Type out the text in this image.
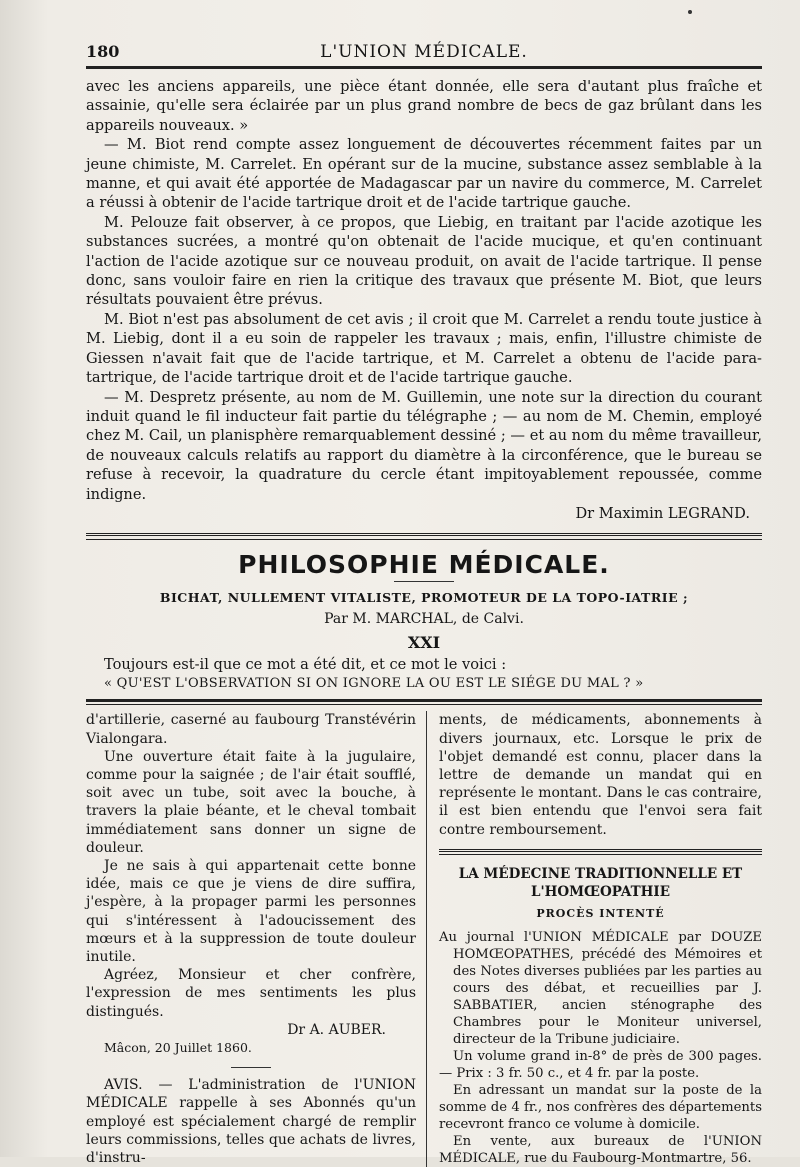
180	L'UNION MÉDICALE.

avec les anciens appareils, une pièce étant donnée, elle sera d'autant plus fraîche et assainie, qu'elle sera éclairée par un plus grand nombre de becs de gaz brûlant dans les appareils nouveaux. »

— M. Biot rend compte assez longuement de découvertes récemment faites par un jeune chimiste, M. Carrelet. En opérant sur de la mucine, substance assez semblable à la manne, et qui avait été apportée de Madagascar par un navire du commerce, M. Carrelet a réussi à obtenir de l'acide tartrique droit et de l'acide tartrique gauche.

M. Pelouze fait observer, à ce propos, que Liebig, en traitant par l'acide azotique les substances sucrées, a montré qu'on obtenait de l'acide mucique, et qu'en continuant l'action de l'acide azotique sur ce nouveau produit, on avait de l'acide tartrique. Il pense donc, sans vouloir faire en rien la critique des travaux que présente M. Biot, que leurs résultats pouvaient être prévus.

M. Biot n'est pas absolument de cet avis ; il croit que M. Carrelet a rendu toute justice à M. Liebig, dont il a eu soin de rappeler les travaux ; mais, enfin, l'illustre chimiste de Giessen n'avait fait que de l'acide tartrique, et M. Carrelet a obtenu de l'acide para-tartrique, de l'acide tartrique droit et de l'acide tartrique gauche.

— M. Despretz présente, au nom de M. Guillemin, une note sur la direction du courant induit quand le fil inducteur fait partie du télégraphe ; — au nom de M. Chemin, employé chez M. Cail, un planisphère remarquablement dessiné ; — et au nom du même travailleur, de nouveaux calculs relatifs au rapport du diamètre à la circonférence, que le bureau se refuse à recevoir, la quadrature du cercle étant impitoyablement repoussée, comme indigne.

Dr Maximin LEGRAND.

PHILOSOPHIE MÉDICALE.
BICHAT, NULLEMENT VITALISTE, PROMOTEUR DE LA TOPO-IATRIE ;
Par M. MARCHAL, de Calvi.
XXI
Toujours est-il que ce mot a été dit, et ce mot le voici :
« QU'EST L'OBSERVATION SI ON IGNORE LA OU EST LE SIÉGE DU MAL ? »

d'artillerie, caserné au faubourg Transtévérin Vialongara.

Une ouverture était faite à la jugulaire, comme pour la saignée ; de l'air était soufflé, soit avec un tube, soit avec la bouche, à travers la plaie béante, et le cheval tombait immédiatement sans donner un signe de douleur.

Je ne sais à qui appartenait cette bonne idée, mais ce que je viens de dire suffira, j'espère, à la propager parmi les personnes qui s'intéressent à l'adoucissement des mœurs et à la suppression de toute douleur inutile.

Agréez, Monsieur et cher confrère, l'expression de mes sentiments les plus distingués.

Dr A. AUBER.

Mâcon, 20 Juillet 1860.

AVIS. — L'administration de l'UNION MÉDICALE rappelle à ses Abonnés qu'un employé est spécialement chargé de remplir leurs commissions, telles que achats de livres, d'instru-

ments, de médicaments, abonnements à divers journaux, etc. Lorsque le prix de l'objet demandé est connu, placer dans la lettre de demande un mandat qui en représente le montant. Dans le cas contraire, il est bien entendu que l'envoi sera fait contre remboursement.

LA MÉDECINE TRADITIONNELLE ET L'HOMŒOPATHIE
PROCÈS INTENTÉ

Au journal l'UNION MÉDICALE par DOUZE HOMŒOPATHES, précédé des Mémoires et des Notes diverses publiées par les parties au cours des débat, et recueillies par J. SABBATIER, ancien sténographe des Chambres pour le Moniteur universel, directeur de la Tribune judiciaire.

Un volume grand in-8° de près de 300 pages. — Prix : 3 fr. 50 c., et 4 fr. par la poste.

En adressant un mandat sur la poste de la somme de 4 fr., nos confrères des départements recevront franco ce volume à domicile.

En vente, aux bureaux de l'UNION MÉDICALE, rue du Faubourg-Montmartre, 56.
